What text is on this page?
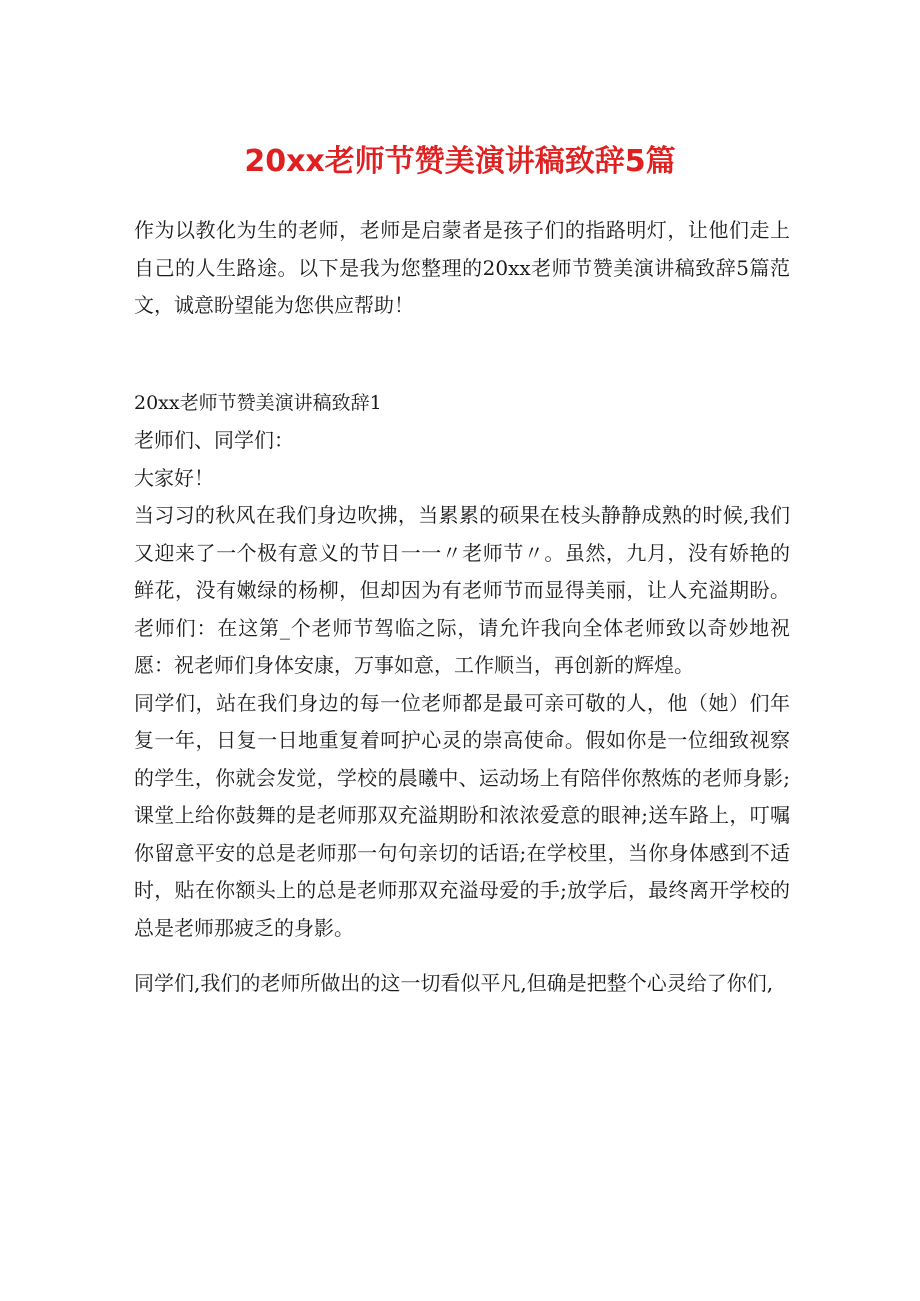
20xx老师节赞美演讲稿致辞5篇

作为以教化为生的老师，老师是启蒙者是孩子们的指路明灯，让他们走上自己的人生路途。以下是我为您整理的20xx老师节赞美演讲稿致辞5篇范文，诚意盼望能为您供应帮助！

20xx老师节赞美演讲稿致辞1

老师们、同学们：

大家好！

当习习的秋风在我们身边吹拂，当累累的硕果在枝头静静成熟的时候,我们又迎来了一个极有意义的节日一一〃老师节〃。虽然，九月，没有娇艳的鲜花，没有嫩绿的杨柳，但却因为有老师节而显得美丽，让人充溢期盼。老师们：在这第_个老师节驾临之际，请允许我向全体老师致以奇妙地祝愿：祝老师们身体安康，万事如意，工作顺当，再创新的辉煌。

同学们，站在我们身边的每一位老师都是最可亲可敬的人，他（她）们年复一年，日复一日地重复着呵护心灵的崇高使命。假如你是一位细致视察的学生，你就会发觉，学校的晨曦中、运动场上有陪伴你熬炼的老师身影;课堂上给你鼓舞的是老师那双充溢期盼和浓浓爱意的眼神;送车路上，叮嘱你留意平安的总是老师那一句句亲切的话语;在学校里，当你身体感到不适时，贴在你额头上的总是老师那双充溢母爱的手;放学后，最终离开学校的总是老师那疲乏的身影。

同学们,我们的老师所做出的这一切看似平凡,但确是把整个心灵给了你们,
